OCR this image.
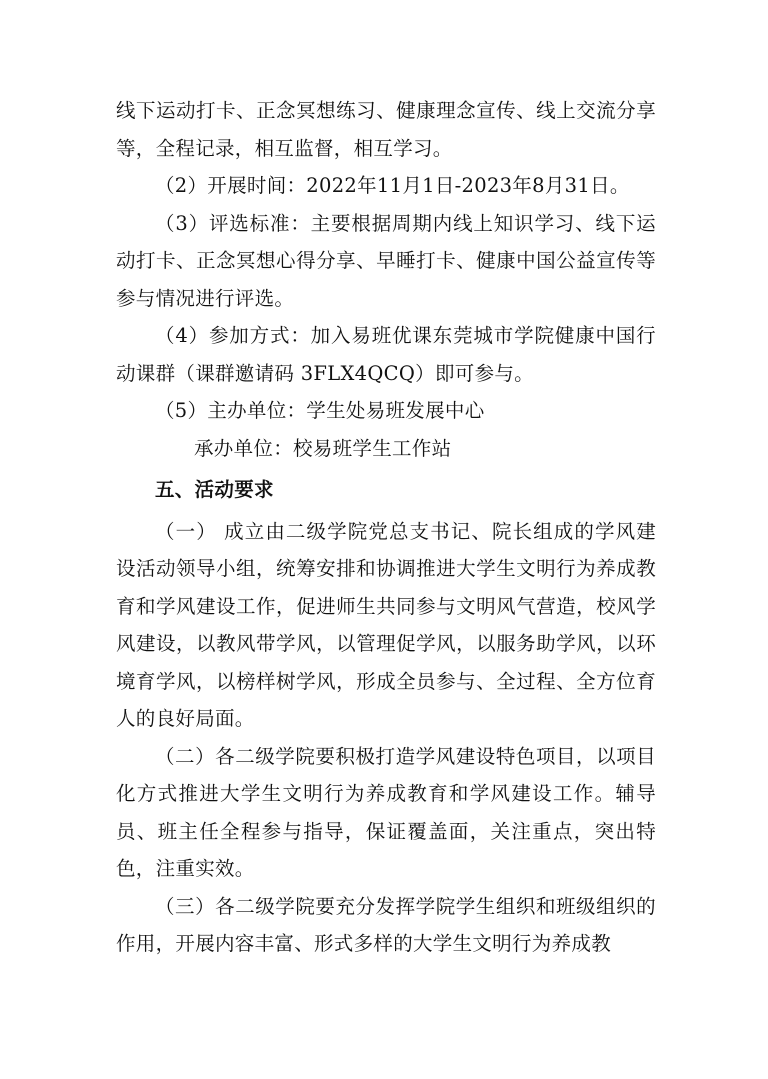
线下运动打卡、正念冥想练习、健康理念宣传、线上交流分享等，全程记录，相互监督，相互学习。

（2）开展时间：2022年11月1日-2023年8月31日。

（3）评选标准：主要根据周期内线上知识学习、线下运动打卡、正念冥想心得分享、早睡打卡、健康中国公益宣传等参与情况进行评选。

（4）参加方式：加入易班优课东莞城市学院健康中国行动课群（课群邀请码 3FLX4QCQ）即可参与。

（5）主办单位：学生处易班发展中心

承办单位：校易班学生工作站

五、活动要求

（一） 成立由二级学院党总支书记、院长组成的学风建设活动领导小组，统筹安排和协调推进大学生文明行为养成教育和学风建设工作，促进师生共同参与文明风气营造，校风学风建设，以教风带学风，以管理促学风，以服务助学风，以环境育学风，以榜样树学风，形成全员参与、全过程、全方位育人的良好局面。

（二）各二级学院要积极打造学风建设特色项目，以项目化方式推进大学生文明行为养成教育和学风建设工作。辅导员、班主任全程参与指导，保证覆盖面，关注重点，突出特色，注重实效。

（三）各二级学院要充分发挥学院学生组织和班级组织的作用，开展内容丰富、形式多样的大学生文明行为养成教
